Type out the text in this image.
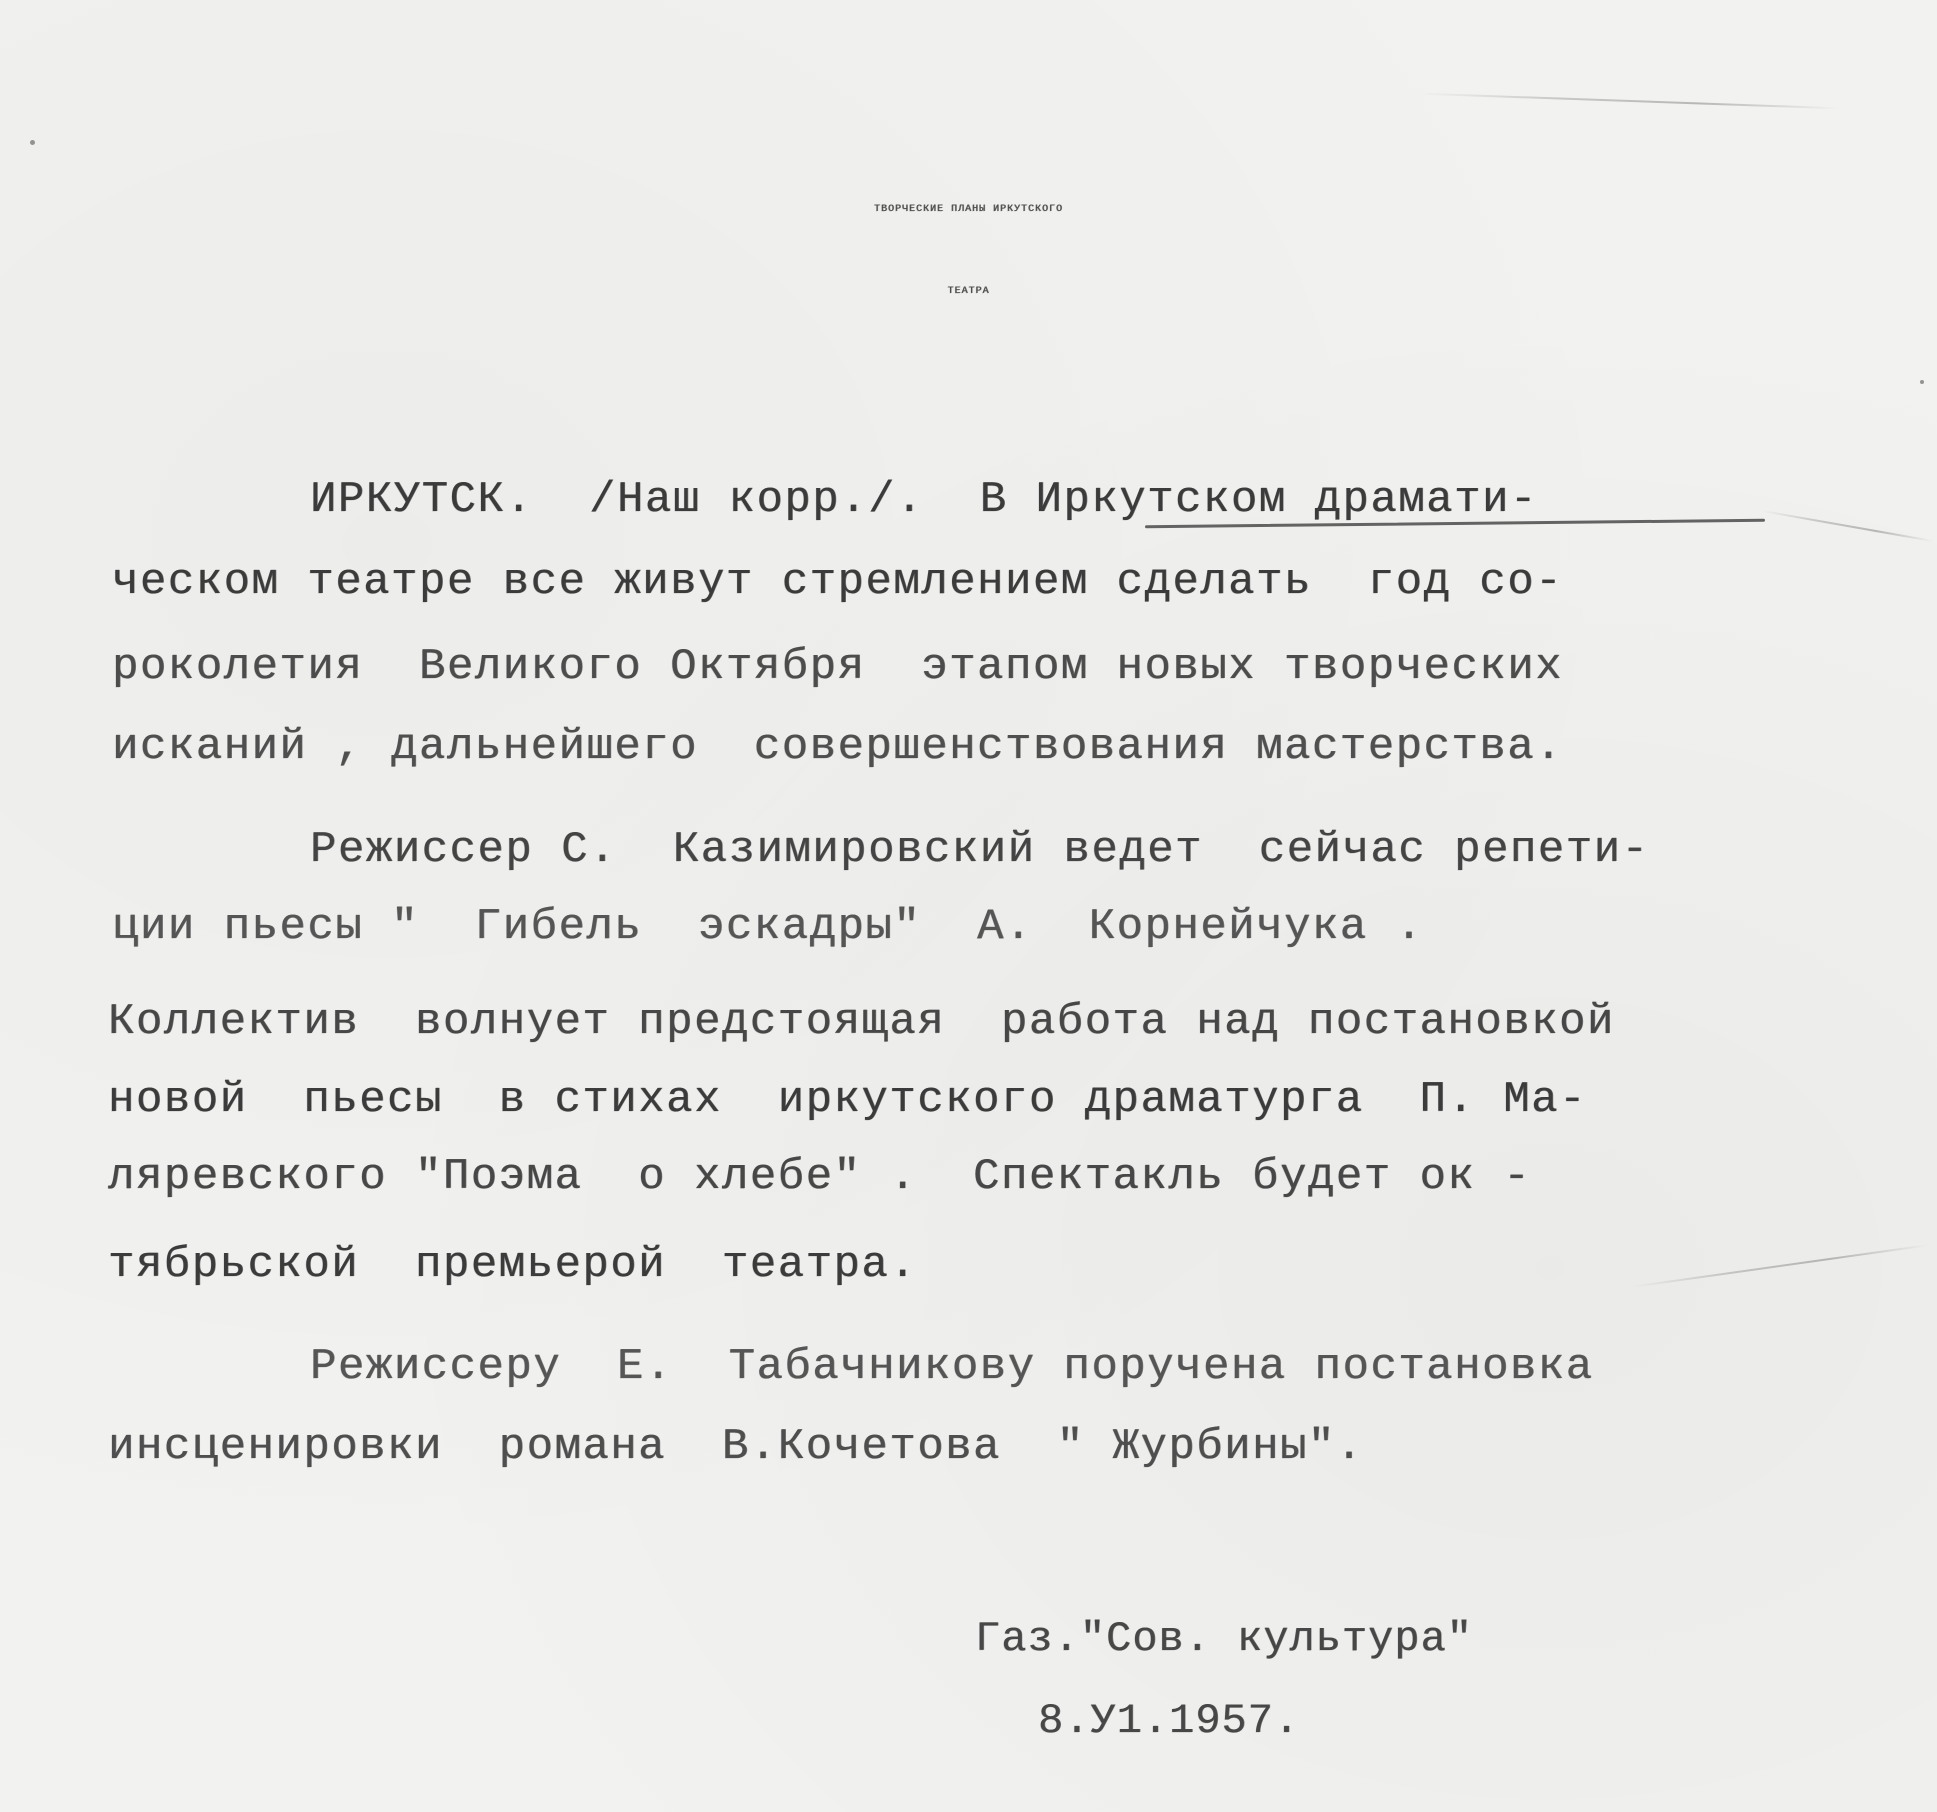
ТВОРЧЕСКИЕ ПЛАНЫ ИРКУТСКОГО

ТЕАТРА

ИРКУТСК.  /Наш корр./.  В Иркутском драмати-

ческом театре все живут стремлением сделать  год со-

роколетия  Великого Октября  этапом новых творческих

исканий , дальнейшего  совершенствования мастерства.

Режиссер С.  Казимировский ведет  сейчас репети-

ции пьесы "  Гибель  эскадры"  А.  Корнейчука .

Коллектив  волнует предстоящая  работа над постановкой

новой  пьесы  в стихах  иркутского драматурга  П. Ма-

ляревского "Поэма  о хлебе" .  Спектакль будет ок -

тябрьской  премьерой  театра.

Режиссеру  Е.  Табачникову поручена постановка

инсценировки  романа  В.Кочетова  " Журбины".

Газ."Сов. культура"

8.У1.1957.
